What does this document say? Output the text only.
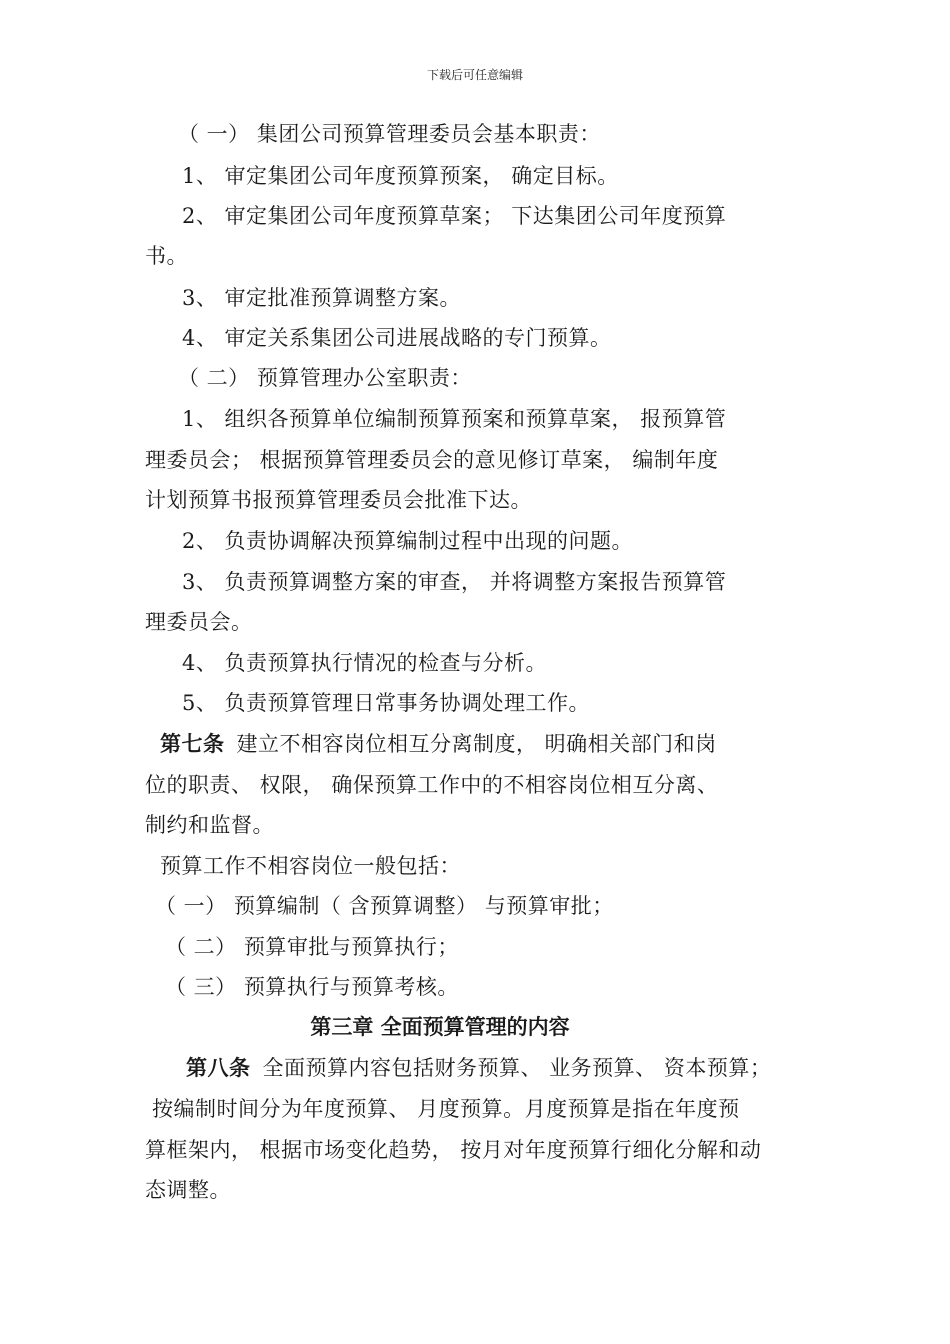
下载后可任意编辑
（ 一） 集团公司预算管理委员会基本职责：
1、 审定集团公司年度预算预案， 确定目标。
2、 审定集团公司年度预算草案； 下达集团公司年度预算
书。
3、 审定批准预算调整方案。
4、 审定关系集团公司进展战略的专门预算。
（ 二） 预算管理办公室职责：
1、 组织各预算单位编制预算预案和预算草案， 报预算管
理委员会； 根据预算管理委员会的意见修订草案， 编制年度
计划预算书报预算管理委员会批准下达。
2、 负责协调解决预算编制过程中出现的问题。
3、 负责预算调整方案的审查， 并将调整方案报告预算管
理委员会。
4、 负责预算执行情况的检查与分析。
5、 负责预算管理日常事务协调处理工作。
第七条 建立不相容岗位相互分离制度， 明确相关部门和岗
位的职责、 权限， 确保预算工作中的不相容岗位相互分离、
制约和监督。
预算工作不相容岗位一般包括：
（ 一） 预算编制（ 含预算调整） 与预算审批；
（ 二） 预算审批与预算执行；
（ 三） 预算执行与预算考核。
第三章 全面预算管理的内容
第八条 全面预算内容包括财务预算、 业务预算、 资本预算；
按编制时间分为年度预算、 月度预算。月度预算是指在年度预
算框架内， 根据市场变化趋势， 按月对年度预算行细化分解和动
态调整。
